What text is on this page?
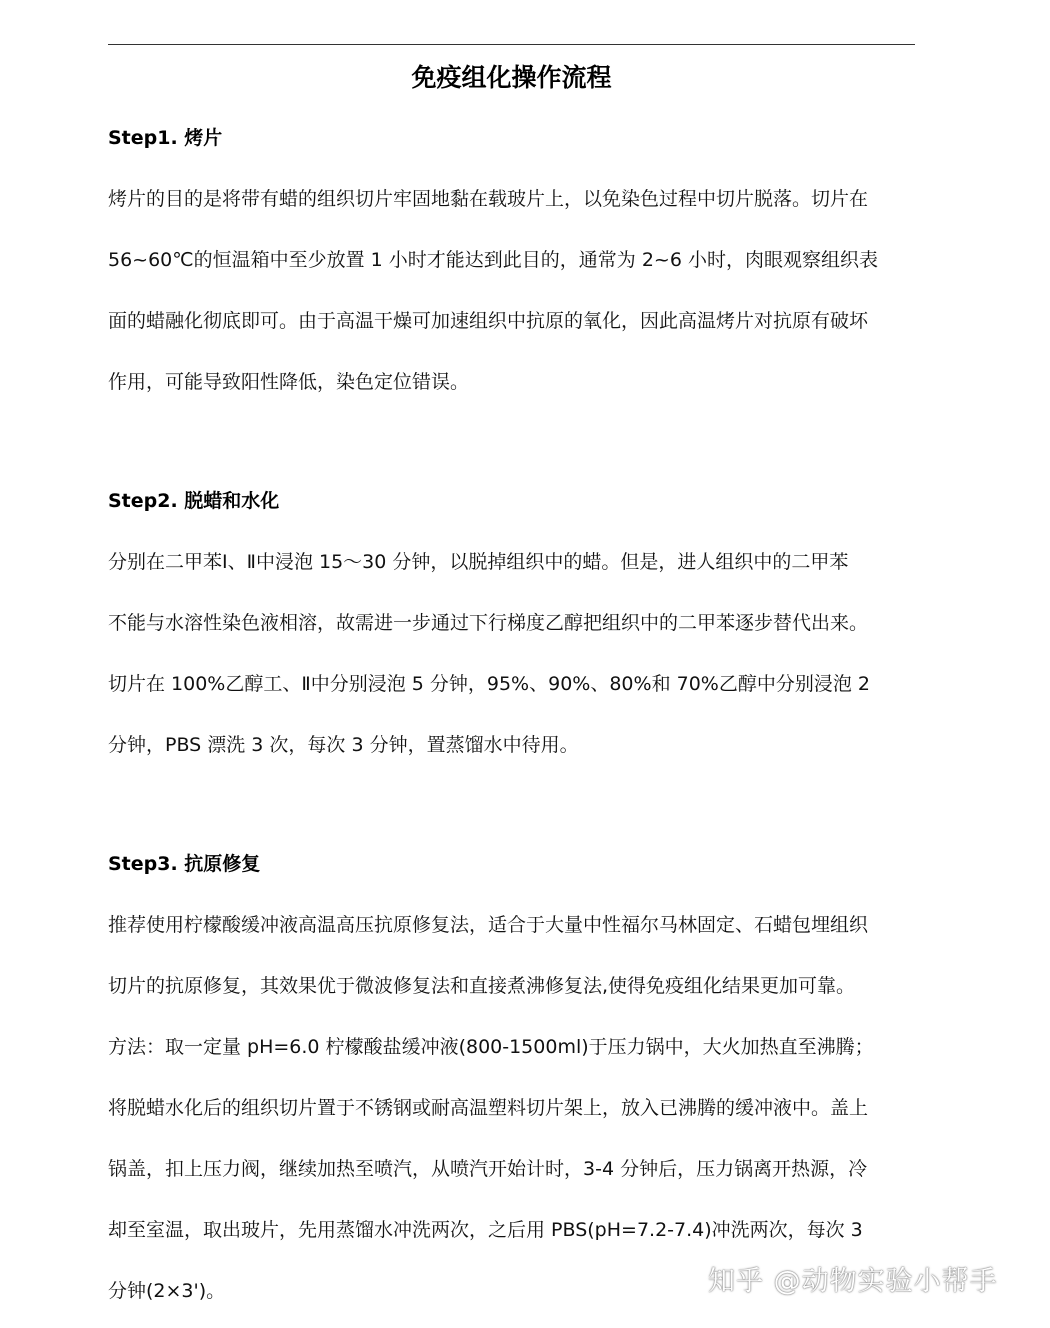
免疫组化操作流程

Step1. 烤片

烤片的目的是将带有蜡的组织切片牢固地黏在载玻片上，以免染色过程中切片脱落。切片在
56~60℃的恒温箱中至少放置 1 小时才能达到此目的，通常为 2~6 小时，肉眼观察组织表
面的蜡融化彻底即可。由于高温干燥可加速组织中抗原的氧化，因此高温烤片对抗原有破坏
作用，可能导致阳性降低，染色定位错误。

Step2. 脱蜡和水化

分别在二甲苯Ⅰ、Ⅱ中浸泡 15～30 分钟，以脱掉组织中的蜡。但是，进人组织中的二甲苯
不能与水溶性染色液相溶，故需进一步通过下行梯度乙醇把组织中的二甲苯逐步替代出来。
切片在 100%乙醇工、Ⅱ中分别浸泡 5 分钟，95%、90%、80%和 70%乙醇中分别浸泡 2
分钟，PBS 漂洗 3 次，每次 3 分钟，置蒸馏水中待用。

Step3. 抗原修复

推荐使用柠檬酸缓冲液高温高压抗原修复法，适合于大量中性福尔马林固定、石蜡包埋组织
切片的抗原修复，其效果优于微波修复法和直接煮沸修复法,使得免疫组化结果更加可靠。
方法：取一定量 pH=6.0 柠檬酸盐缓冲液(800-1500ml)于压力锅中，大火加热直至沸腾；
将脱蜡水化后的组织切片置于不锈钢或耐高温塑料切片架上，放入已沸腾的缓冲液中。盖上
锅盖，扣上压力阀，继续加热至喷汽，从喷汽开始计时，3-4 分钟后，压力锅离开热源，冷
却至室温，取出玻片，先用蒸馏水冲洗两次，之后用 PBS(pH=7.2-7.4)冲洗两次，每次 3
分钟(2×3')。	知乎 @动物实验小帮手
